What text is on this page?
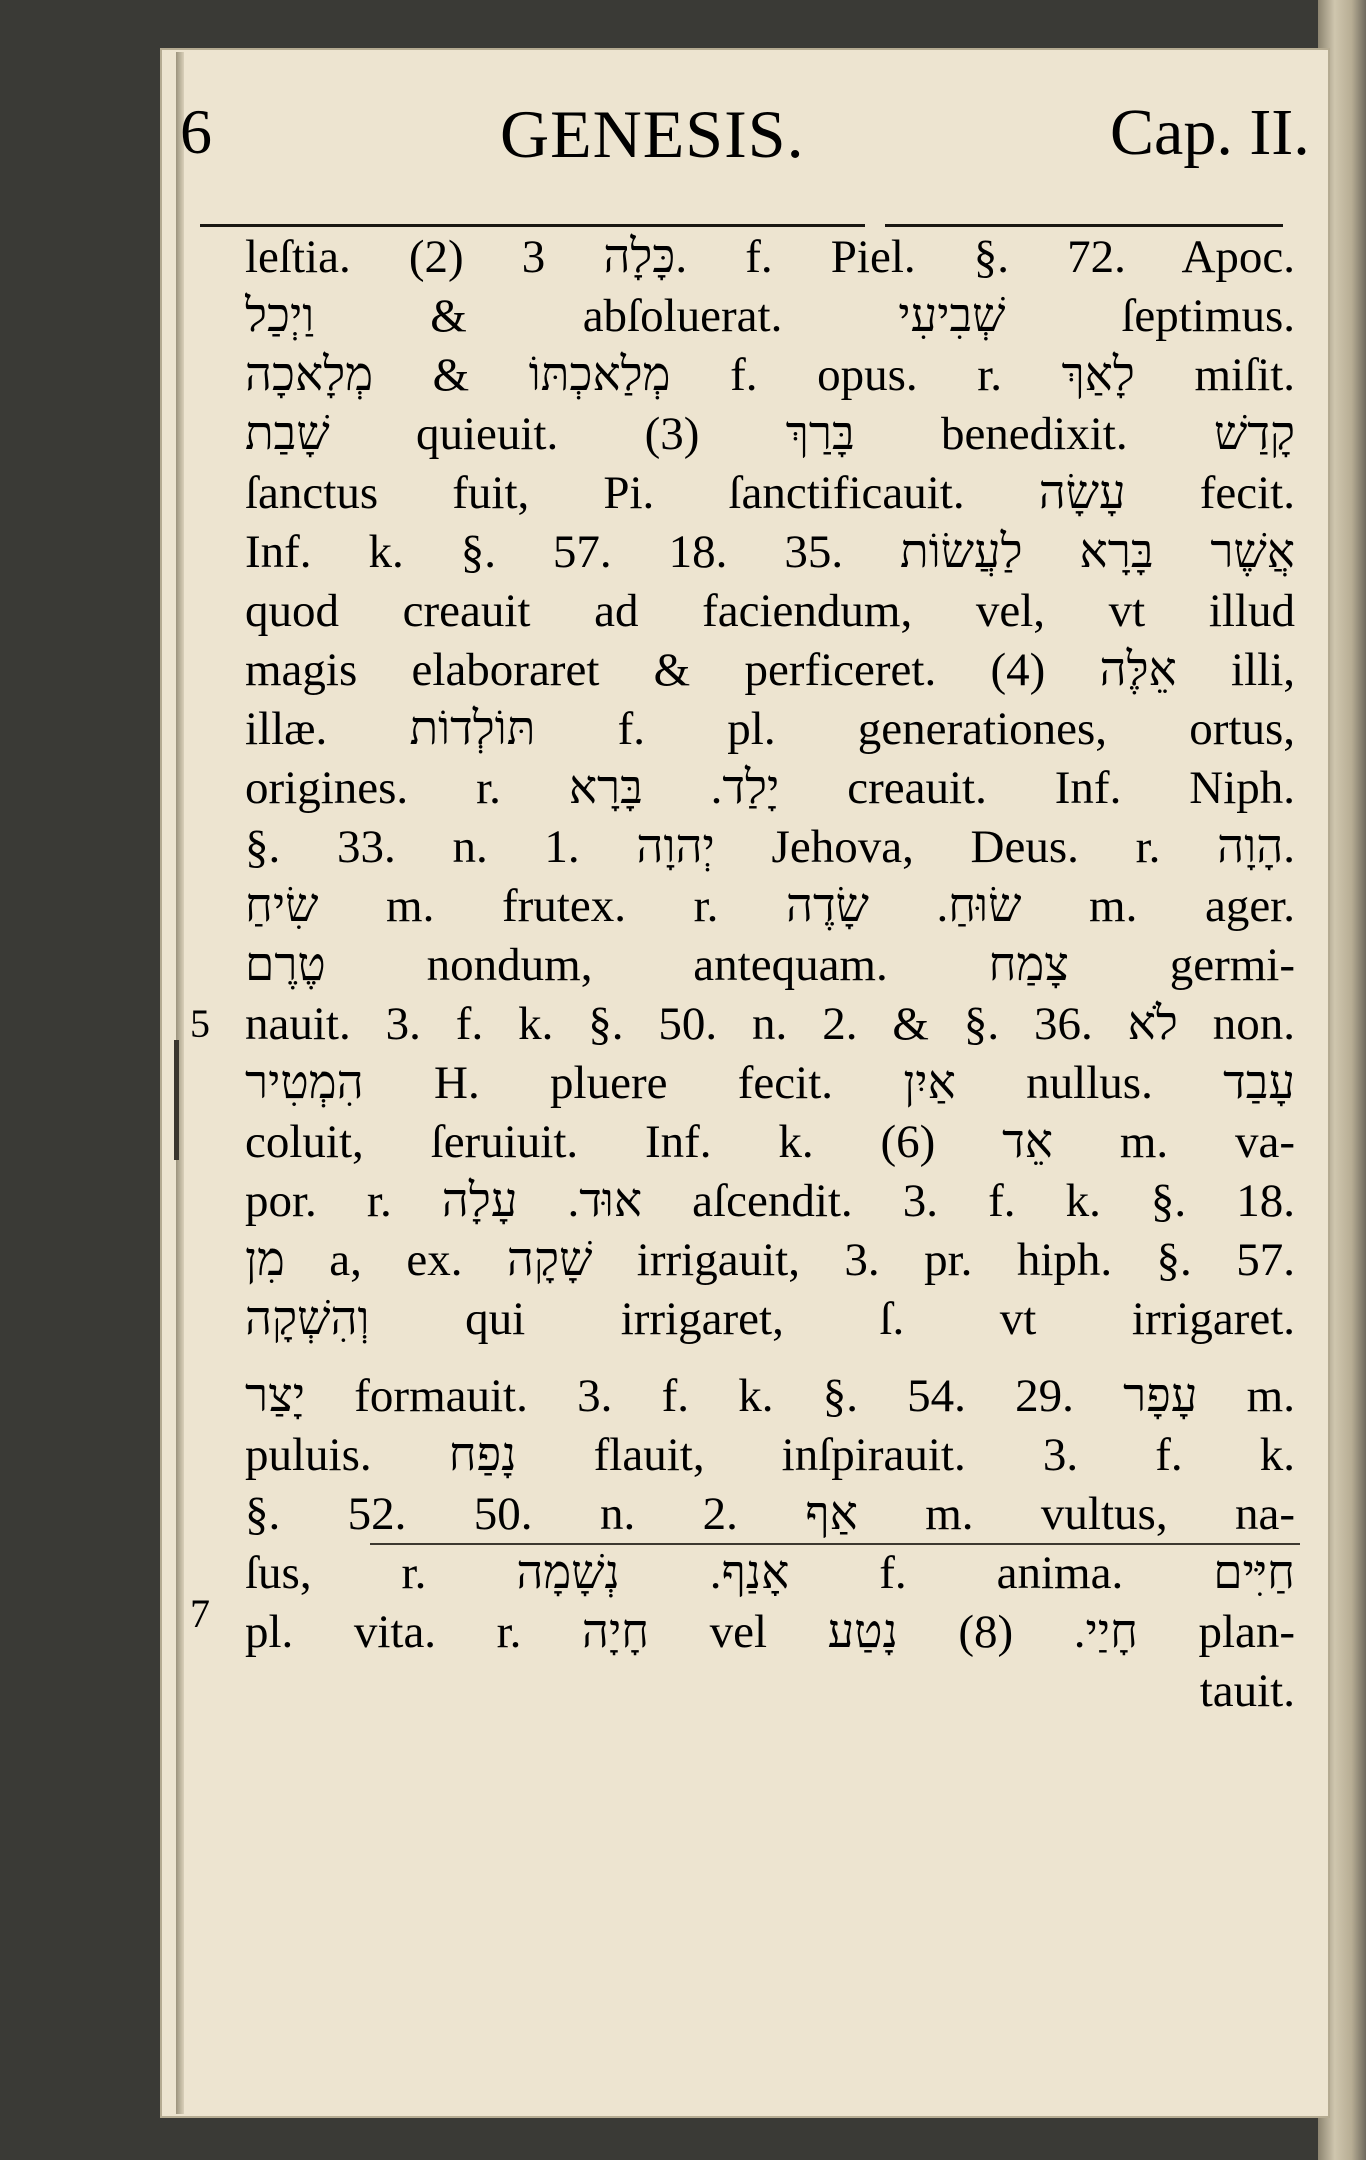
6	GENESIS.	Cap. II.
5
7
leſtia. (2) כָּלָה 3. f. Piel. §. 72. Apoc.
וַיְכַל & abſoluerat. שְׁבִיעִי ſeptimus.
מְלַאכְתּוֹ & מְלָאכָה f. opus. r. לָאַךְ miſit.
שָׁבַת quieuit. (3) בָּרַךְ benedixit. קָדַשׁ
ſanctus fuit, Pi. ſanctificauit. עָשָׂה fecit.
Inf. k. §. 57. 18. 35. אֲשֶׁר בָּרָא לַעֲשׂוֹת
quod creauit ad faciendum, vel, vt illud
magis elaboraret & perficeret. (4) אֵלֶּה illi,
illæ. תּוֹלְדוֹת f. pl. generationes, ortus,
origines. r. יָלַד. בָּרָא creauit. Inf. Niph.
§. 33. n. 1. יְהוָה Jehova, Deus. r. הָוָה.
שִׂיחַ m. frutex. r. שׂוּחַ. שָׂדֶה m. ager.
טֶרֶם nondum, antequam. צָמַח germi-
nauit. 3. f. k. §. 50. n. 2. & §. 36. לֹא non.
הִמְטִיר H. pluere fecit. אַיִן nullus. עָבַד
coluit, ſeruiuit. Inf. k. (6) אֵד m. va-
por. r. אוּד. עָלָה aſcendit. 3. f. k. §. 18.
מִן a, ex. שָׁקָה irrigauit, 3. pr. hiph. §. 57.
וְהִשְׁקָה qui irrigaret, ſ. vt irrigaret.
יָצַר formauit. 3. f. k. §. 54. 29. עָפָר m.
puluis. נָפַח flauit, inſpirauit. 3. f. k.
§. 52. 50. n. 2. אַף m. vultus, na-
ſus, r. אָנַף. נְשָׁמָה f. anima. חַיִּים
pl. vita. r. חָיָה vel חָיַי. (8) נָטַע plan-
tauit.
